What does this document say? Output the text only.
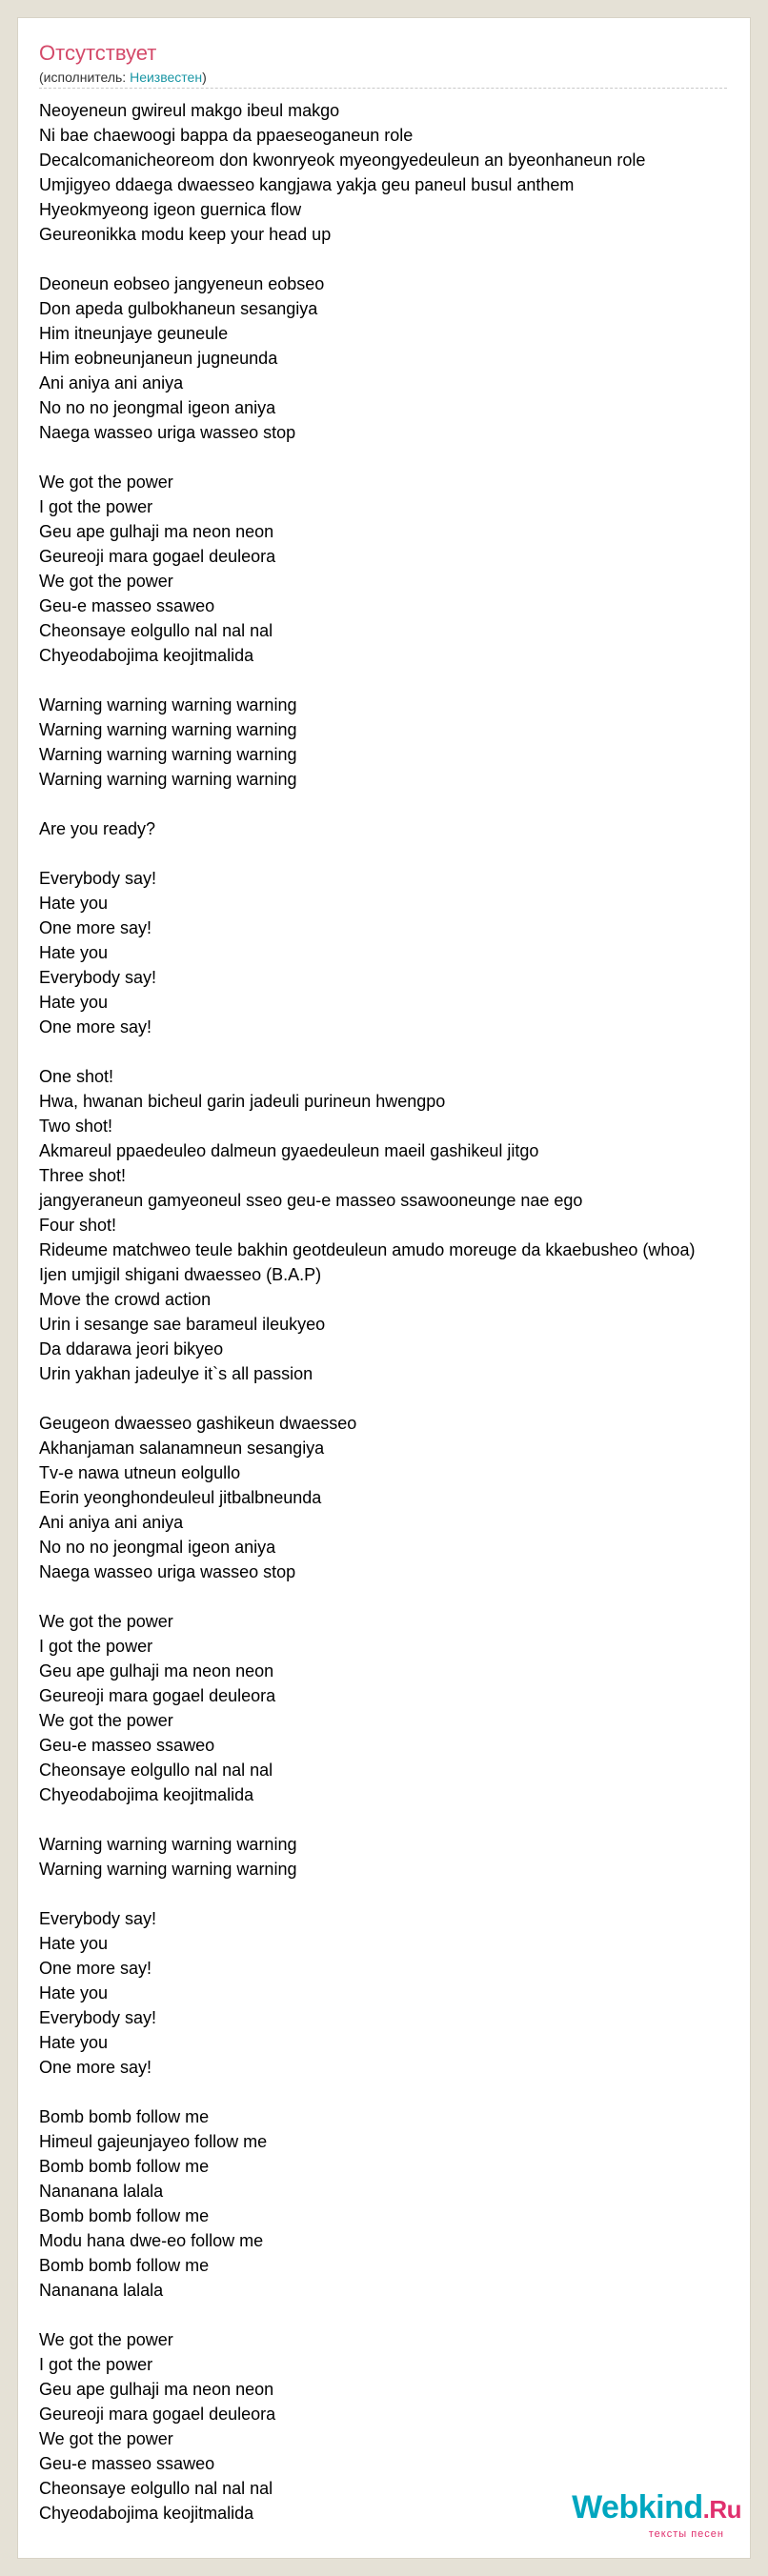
Отсутствует
(исполнитель: Неизвестен)
Neoyeneun gwireul makgo ibeul makgo
Ni bae chaewoogi bappa da ppaeseoganeun role
Decalcomanicheoreom don kwonryeok myeongyedeuleun an byeonhaneun role
Umjigyeo ddaega dwaesseo kangjawa yakja geu paneul busul anthem
Hyeokmyeong igeon guernica flow
Geureonikka modu keep your head up
Deoneun eobseo jangyeneun eobseo
Don apeda gulbokhaneun sesangiya
Him itneunjaye geuneule
Him eobneunjaneun jugneunda
Ani aniya ani aniya
No no no jeongmal igeon aniya
Naega wasseo uriga wasseo stop
We got the power
I got the power
Geu ape gulhaji ma neon neon
Geureoji mara gogael deuleora
We got the power
Geu-e masseo ssaweo
Cheonsaye eolgullo nal nal nal
Chyeodabojima keojitmalida
Warning warning warning warning
Warning warning warning warning
Warning warning warning warning
Warning warning warning warning
Are you ready?
Everybody say!
Hate you
One more say!
Hate you
Everybody say!
Hate you
One more say!
One shot!
Hwa, hwanan bicheul garin jadeuli purineun hwengpo
Two shot!
Akmareul ppaedeuleo dalmeun gyaedeuleun maeil gashikeul jitgo
Three shot!
jangyeraneun gamyeoneul sseo geu-e masseo ssawooneunge nae ego
Four shot!
Rideume matchweo teule bakhin geotdeuleun amudo moreuge da kkaebusheo (whoa)
Ijen umjigil shigani dwaesseo (B.A.P)
Move the crowd action
Urin i sesange sae barameul ileukyeo
Da ddarawa jeori bikyeo
Urin yakhan jadeulye it`s all passion
Geugeon dwaesseo gashikeun dwaesseo
Akhanjaman salanamneun sesangiya
Tv-e nawa utneun eolgullo
Eorin yeonghondeuleul jitbalbneunda
Ani aniya ani aniya
No no no jeongmal igeon aniya
Naega wasseo uriga wasseo stop
We got the power
I got the power
Geu ape gulhaji ma neon neon
Geureoji mara gogael deuleora
We got the power
Geu-e masseo ssaweo
Cheonsaye eolgullo nal nal nal
Chyeodabojima keojitmalida
Warning warning warning warning
Warning warning warning warning
Everybody say!
Hate you
One more say!
Hate you
Everybody say!
Hate you
One more say!
Bomb bomb follow me
Himeul gajeunjayeo follow me
Bomb bomb follow me
Nananana lalala
Bomb bomb follow me
Modu hana dwe-eo follow me
Bomb bomb follow me
Nananana lalala
We got the power
I got the power
Geu ape gulhaji ma neon neon
Geureoji mara gogael deuleora
We got the power
Geu-e masseo ssaweo
Cheonsaye eolgullo nal nal nal
Chyeodabojima keojitmalida	Webkind.Ru
тексты песен
